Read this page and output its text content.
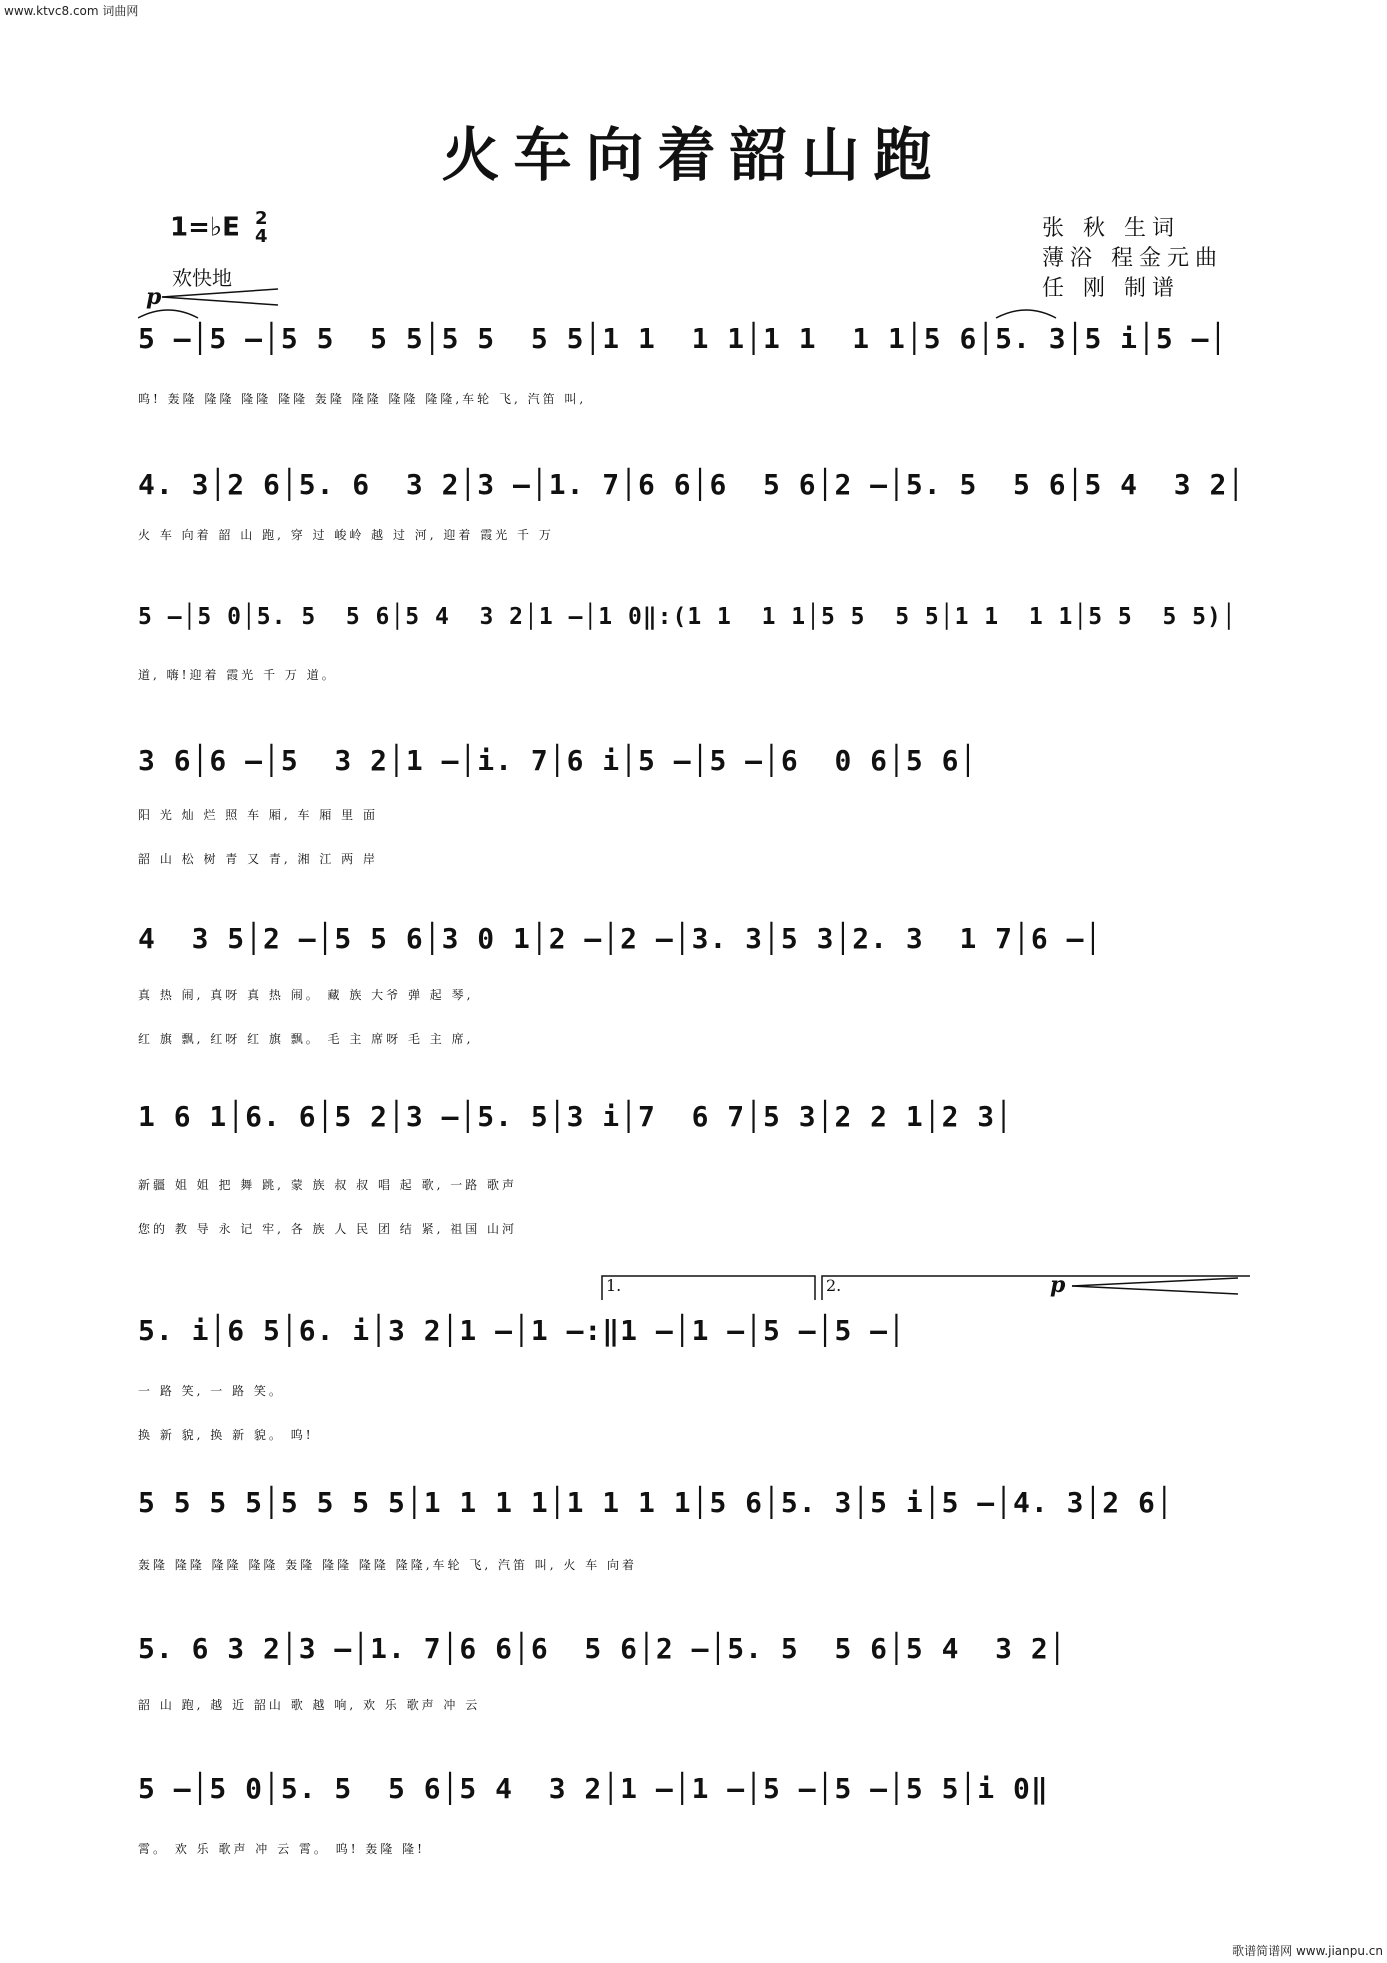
www.ktvc8.com 词曲网
歌谱简谱网 www.jianpu.cn
火车向着韶山跑
1=♭E 2
4
欢快地
p
张 秋 生词
薄浴 程金元曲
任 刚 制谱
5 –│5 –│5 5  5 5│5 5  5 5│1 1  1 1│1 1  1 1│5 6│5. 3│5 i│5 –│
呜! 轰隆 隆隆 隆隆 隆隆 轰隆 隆隆 隆隆 隆隆,车轮 飞, 汽笛 叫,
4. 3│2 6│5. 6  3 2│3 –│1. 7│6 6│6  5 6│2 –│5. 5  5 6│5 4  3 2│
火 车 向着 韶 山 跑, 穿 过 峻岭 越 过 河, 迎着 霞光 千 万
5 –│5 0│5. 5  5 6│5 4  3 2│1 –│1 0‖:(1 1  1 1│5 5  5 5│1 1  1 1│5 5  5 5)│
道, 嗨!迎着 霞光 千 万 道。
3 6│6 –│5  3 2│1 –│i. 7│6 i│5 –│5 –│6  0 6│5 6│
阳 光 灿 烂 照 车 厢, 车 厢 里 面
韶 山 松 树 青 又 青, 湘 江 两 岸
4  3 5│2 –│5 5 6│3 0 1│2 –│2 –│3. 3│5 3│2. 3  1 7│6 –│
真 热 闹, 真呀 真 热 闹。 藏 族 大爷 弹 起 琴,
红 旗 飘, 红呀 红 旗 飘。 毛 主 席呀 毛 主 席,
1 6 1│6. 6│5 2│3 –│5. 5│3 i│7  6 7│5 3│2 2 1│2 3│
新疆 姐 姐 把 舞 跳, 蒙 族 叔 叔 唱 起 歌, 一路 歌声
您的 教 导 永 记 牢, 各 族 人 民 团 结 紧, 祖国 山河
1.	2.	p
5. i│6 5│6. i│3 2│1 –│1 –:‖1 –│1 –│5 –│5 –│
一 路 笑, 一 路 笑。
换 新 貌, 换 新 貌。 呜!
5 5 5 5│5 5 5 5│1 1 1 1│1 1 1 1│5 6│5. 3│5 i│5 –│4. 3│2 6│
轰隆 隆隆 隆隆 隆隆 轰隆 隆隆 隆隆 隆隆,车轮 飞, 汽笛 叫, 火 车 向着
5. 6 3 2│3 –│1. 7│6 6│6  5 6│2 –│5. 5  5 6│5 4  3 2│
韶 山 跑, 越 近 韶山 歌 越 响, 欢 乐 歌声 冲 云
5 –│5 0│5. 5  5 6│5 4  3 2│1 –│1 –│5 –│5 –│5 5│i 0‖
霄。 欢 乐 歌声 冲 云 霄。 呜! 轰隆 隆!
